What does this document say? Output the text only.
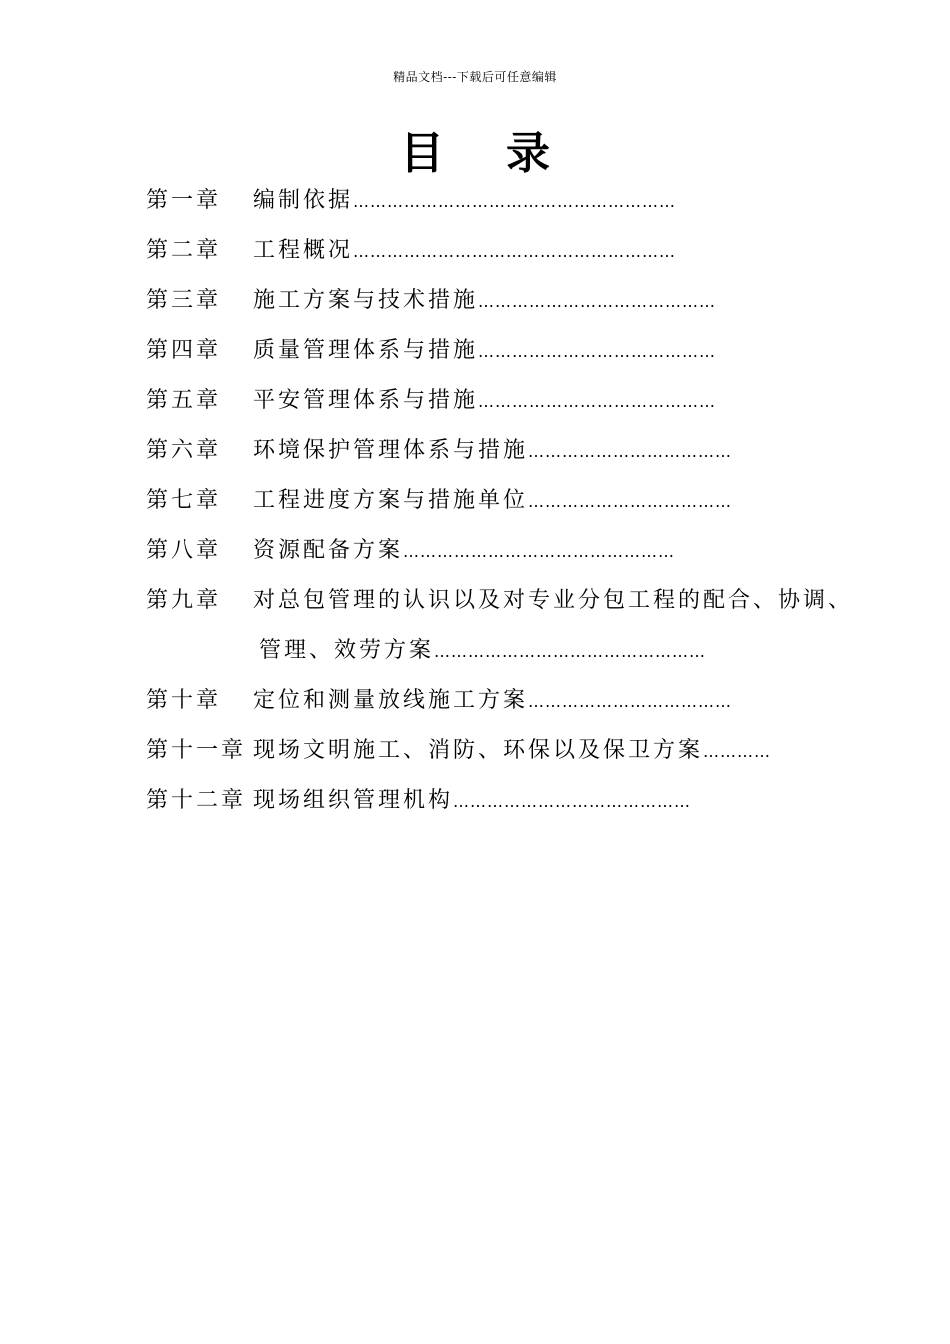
精品文档---下载后可任意编辑
目 录
第一章 编制依据…………………………………………………
第二章 工程概况…………………………………………………
第三章 施工方案与技术措施……………………………………
第四章 质量管理体系与措施……………………………………
第五章 平安管理体系与措施……………………………………
第六章 环境保护管理体系与措施………………………………
第七章 工程进度方案与措施单位………………………………
第八章 资源配备方案…………………………………………
第九章 对总包管理的认识以及对专业分包工程的配合、协调、
管理、效劳方案…………………………………………
第十章 定位和测量放线施工方案………………………………
第十一章 现场文明施工、消防、环保以及保卫方案…………
第十二章 现场组织管理机构……………………………………
